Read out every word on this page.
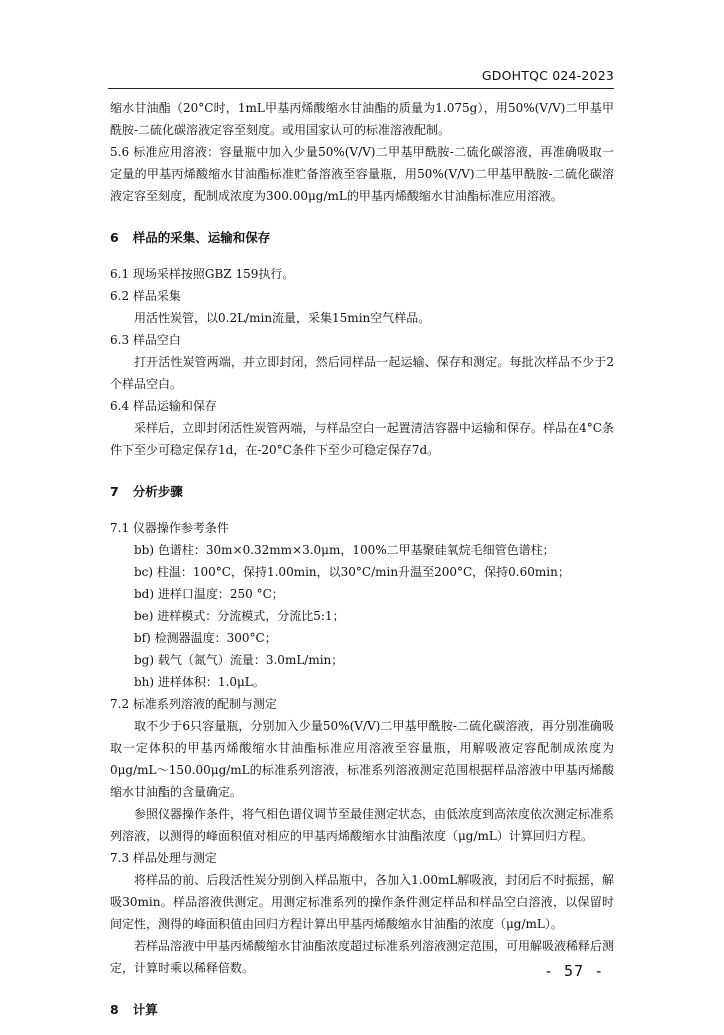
GDOHTQC 024-2023

缩水甘油酯（20°C时，1mL甲基丙烯酸缩水甘油酯的质量为1.075g），用50%(V/V)二甲基甲酰胺-二硫化碳溶液定容至刻度。或用国家认可的标准溶液配制。

5.6 标准应用溶液：容量瓶中加入少量50%(V/V)二甲基甲酰胺-二硫化碳溶液，再准确吸取一定量的甲基丙烯酸缩水甘油酯标准贮备溶液至容量瓶，用50%(V/V)二甲基甲酰胺-二硫化碳溶液定容至刻度，配制成浓度为300.00μg/mL的甲基丙烯酸缩水甘油酯标准应用溶液。

6 样品的采集、运输和保存

6.1 现场采样按照GBZ 159执行。

6.2 样品采集

用活性炭管，以0.2L/min流量，采集15min空气样品。

6.3 样品空白

打开活性炭管两端，并立即封闭，然后同样品一起运输、保存和测定。每批次样品不少于2个样品空白。

6.4 样品运输和保存

采样后，立即封闭活性炭管两端，与样品空白一起置清洁容器中运输和保存。样品在4°C条件下至少可稳定保存1d，在-20°C条件下至少可稳定保存7d。

7 分析步骤

7.1 仪器操作参考条件

bb) 色谱柱：30m×0.32mm×3.0μm，100%二甲基聚硅氧烷毛细管色谱柱；

bc) 柱温：100°C，保持1.00min，以30°C/min升温至200°C，保持0.60min；

bd) 进样口温度：250 °C；

be) 进样模式：分流模式，分流比5:1；

bf) 检测器温度：300°C；

bg) 载气（氮气）流量：3.0mL/min；

bh) 进样体积：1.0μL。

7.2 标准系列溶液的配制与测定

取不少于6只容量瓶，分别加入少量50%(V/V)二甲基甲酰胺-二硫化碳溶液，再分别准确吸取一定体积的甲基丙烯酸缩水甘油酯标准应用溶液至容量瓶，用解吸液定容配制成浓度为0μg/mL～150.00μg/mL的标准系列溶液，标准系列溶液测定范围根据样品溶液中甲基丙烯酸缩水甘油酯的含量确定。

参照仪器操作条件，将气相色谱仪调节至最佳测定状态，由低浓度到高浓度依次测定标准系列溶液，以测得的峰面积值对相应的甲基丙烯酸缩水甘油酯浓度（μg/mL）计算回归方程。

7.3 样品处理与测定

将样品的前、后段活性炭分别倒入样品瓶中，各加入1.00mL解吸液，封闭后不时振摇，解吸30min。样品溶液供测定。用测定标准系列的操作条件测定样品和样品空白溶液，以保留时间定性，测得的峰面积值由回归方程计算出甲基丙烯酸缩水甘油酯的浓度（μg/mL）。

若样品溶液中甲基丙烯酸缩水甘油酯浓度超过标准系列溶液测定范围，可用解吸液稀释后测定，计算时乘以稀释倍数。

8 计算
- 57 -
